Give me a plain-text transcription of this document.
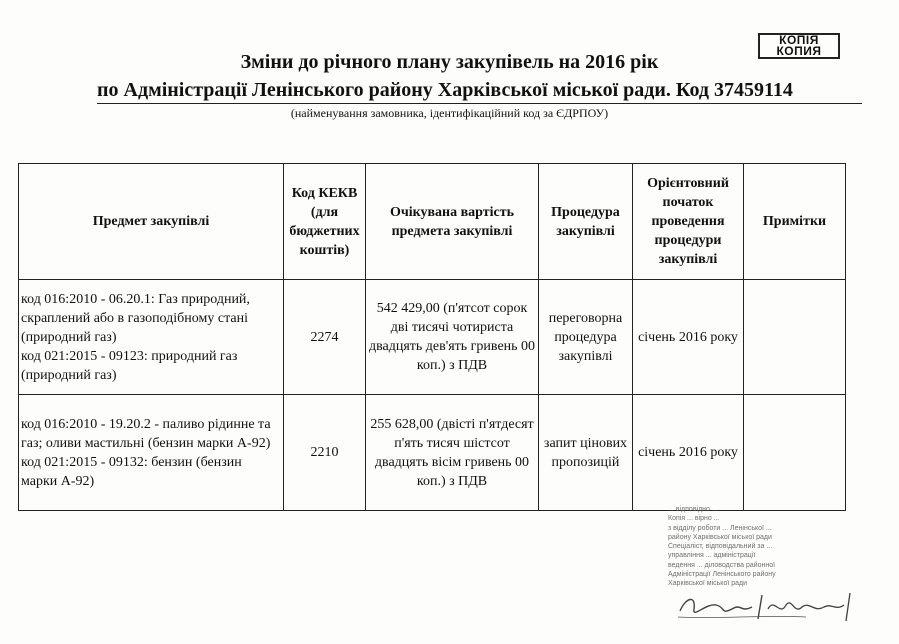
КОПІЯ
КОПИЯ
Зміни до річного плану закупівель на 2016 рік
по Адміністрації Ленінського району Харківської міської ради. Код 37459114
(найменування замовника, ідентифікаційний код за ЄДРПОУ)
Предмет закупівлі	Код КЕКВ (для бюджетних коштів)	Очікувана вартість предмета закупівлі	Процедура закупівлі	Орієнтовний початок проведення процедури закупівлі	Примітки

код 016:2010 - 06.20.1: Газ природний, скраплений або в газоподібному стані (природний газ)
код 021:2015 - 09123: природний газ (природний газ)	2274	542 429,00 (п'ятсот сорок дві тисячі чотириста двадцять дев'ять гривень 00 коп.) з ПДВ	переговорна процедура закупівлі	січень 2016 року	

код 016:2010 - 19.20.2 - паливо рідинне та газ; оливи мастильні (бензин марки А-92)
код 021:2015 - 09132: бензин (бензин марки А-92)	2210	255 628,00 (двісті п'ятдесят п'ять тисяч шістсот двадцять вісім гривень 00 коп.) з ПДВ	запит цінових пропозицій	січень 2016 року	
... відповідно ...
Копія ... вірно ...
з відділу роботи ... Ленінської ...
району Харківської міської ради
Спеціаліст, відповідальний за ...
управління ... адміністрації
ведення ... діловодства районної
Адміністрації Ленінського району
Харківської міської ради
